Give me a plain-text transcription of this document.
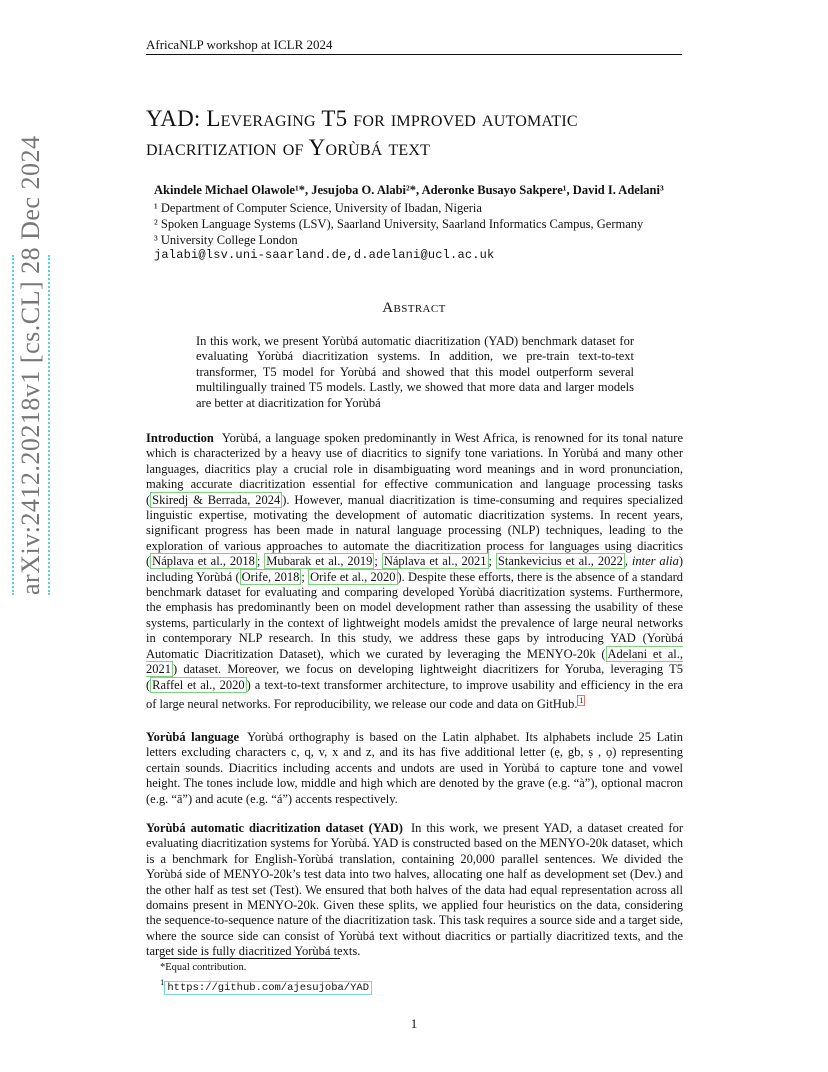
arXiv:2412.20218v1 [cs.CL] 28 Dec 2024
AfricaNLP workshop at ICLR 2024
YAD: Leveraging T5 for improved automatic
diacritization of Yorùbá text
Akindele Michael Olawole¹*, Jesujoba O. Alabi²*, Aderonke Busayo Sakpere¹, David I. Adelani³
¹ Department of Computer Science, University of Ibadan, Nigeria
² Spoken Language Systems (LSV), Saarland University, Saarland Informatics Campus, Germany
³ University College London
jalabi@lsv.uni-saarland.de,d.adelani@ucl.ac.uk
Abstract
In this work, we present Yorùbá automatic diacritization (YAD) benchmark dataset for evaluating Yorùbá diacritization systems. In addition, we pre-train text-to-text transformer, T5 model for Yorùbá and showed that this model outperform several multilingually trained T5 models. Lastly, we showed that more data and larger models are better at diacritization for Yorùbá
Introduction Yorùbá, a language spoken predominantly in West Africa, is renowned for its tonal nature which is characterized by a heavy use of diacritics to signify tone variations. In Yorùbá and many other languages, diacritics play a crucial role in disambiguating word meanings and in word pronunciation, making accurate diacritization essential for effective communication and language processing tasks ( Skiredj & Berrada, 2024 ). However, manual diacritization is time-consuming and requires specialized linguistic expertise, motivating the development of automatic diacritization systems. In recent years, significant progress has been made in natural language processing (NLP) techniques, leading to the exploration of various approaches to automate the diacritization process for languages using diacritics ( Náplava et al., 2018 ; Mubarak et al., 2019 ; Náplava et al., 2021 ; Stankevicius et al., 2022 , inter alia) including Yorùbá ( Orife, 2018 ; Orife et al., 2020 ). Despite these efforts, there is the absence of a standard benchmark dataset for evaluating and comparing developed Yorùbá diacritization systems. Furthermore, the emphasis has predominantly been on model development rather than assessing the usability of these systems, particularly in the context of lightweight models amidst the prevalence of large neural networks in contemporary NLP research. In this study, we address these gaps by introducing YAD (Yorùbá Automatic Diacritization Dataset), which we curated by leveraging the MENYO-20k ( Adelani et al., 2021 ) dataset. Moreover, we focus on developing lightweight diacritizers for Yoruba, leveraging T5 ( Raffel et al., 2020 ) a text-to-text transformer architecture, to improve usability and efficiency in the era of large neural networks. For reproducibility, we release our code and data on GitHub. $^1$
Yorùbá language Yorùbá orthography is based on the Latin alphabet. Its alphabets include 25 Latin letters excluding characters c, q, v, x and z, and its has five additional letter (ẹ, gb, ṣ , ọ) representing certain sounds. Diacritics including accents and undots are used in Yorùbá to capture tone and vowel height. The tones include low, middle and high which are denoted by the grave (e.g. “à”), optional macron (e.g. “ā”) and acute (e.g. “á”) accents respectively.
Yorùbá automatic diacritization dataset (YAD) In this work, we present YAD, a dataset created for evaluating diacritization systems for Yorùbá. YAD is constructed based on the MENYO-20k dataset, which is a benchmark for English-Yorùbá translation, containing 20,000 parallel sentences. We divided the Yorùbá side of MENYO-20k’s test data into two halves, allocating one half as development set (Dev.) and the other half as test set (Test). We ensured that both halves of the data had equal representation across all domains present in MENYO-20k. Given these splits, we applied four heuristics on the data, considering the sequence-to-sequence nature of the diacritization task. This task requires a source side and a target side, where the source side can consist of Yorùbá text without diacritics or partially diacritized texts, and the target side is fully diacritized Yorùbá texts.
*Equal contribution.
$^1$ https://github.com/ajesujoba/YAD
1
